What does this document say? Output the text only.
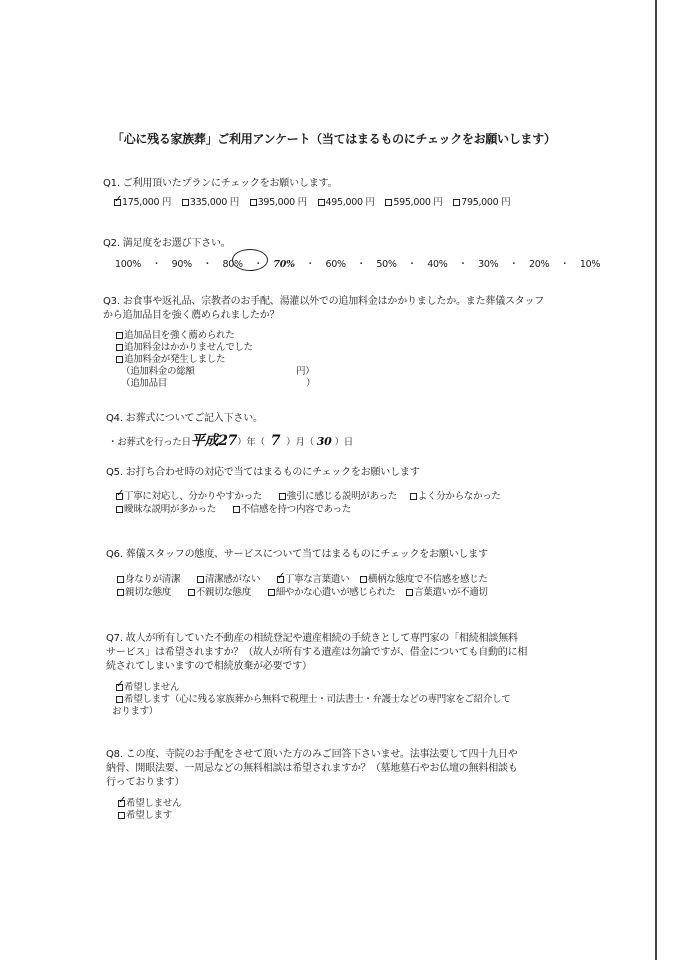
「心に残る家族葬」ご利用アンケート（当てはまるものにチェックをお願いします）
Q1. ご利用頂いたプランにチェックをお願いします。
✓175,000 円 335,000 円 395,000 円 495,000 円 595,000 円 795,000 円
Q2. 満足度をお選び下さい。
100% ・ 90% ・ 80% ・ 70% ・ 60% ・ 50% ・ 40% ・ 30% ・ 20% ・ 10%
Q3. お食事や返礼品、宗教者のお手配、湯灌以外での追加料金はかかりましたか。また葬儀スタッフ
から追加品目を強く薦められましたか？
追加品目を強く薦められた
追加料金はかかりませんでした
追加料金が発生しました
（追加料金の総額	円）
（追加品目	）
Q4. お葬式についてご記入下さい。
・お葬式を行った日平成27）年（ 7 ）月（ 30 ）日
Q5. お打ち合わせ時の対応で当てはまるものにチェックをお願いします
✓丁寧に対応し、分かりやすかった	強引に感じる説明があった よく分からなかった
曖昧な説明が多かった	不信感を持つ内容であった
Q6. 葬儀スタッフの態度、サービスについて当てはまるものにチェックをお願いします
身なりが清潔	清潔感がない ✓	丁寧な言葉遣い 横柄な態度で不信感を感じた
親切な態度	不親切な態度	細やかな心遣いが感じられた 言葉遣いが不適切
Q7. 故人が所有していた不動産の相続登記や遺産相続の手続きとして専門家の「相続相談無料
サービス」は希望されますか？（故人が所有する遺産は勿論ですが、借金についても自動的に相
続されてしまいますので相続放棄が必要です）
✓希望しません
希望します（心に残る家族葬から無料で税理士・司法書士・弁護士などの専門家をご紹介して
おります）
Q8. この度、寺院のお手配をさせて頂いた方のみご回答下さいませ。法事法要して四十九日や
納骨、開眼法要、一周忌などの無料相談は希望されますか？（墓地墓石やお仏壇の無料相談も
行っております）
✓希望しません
希望します
